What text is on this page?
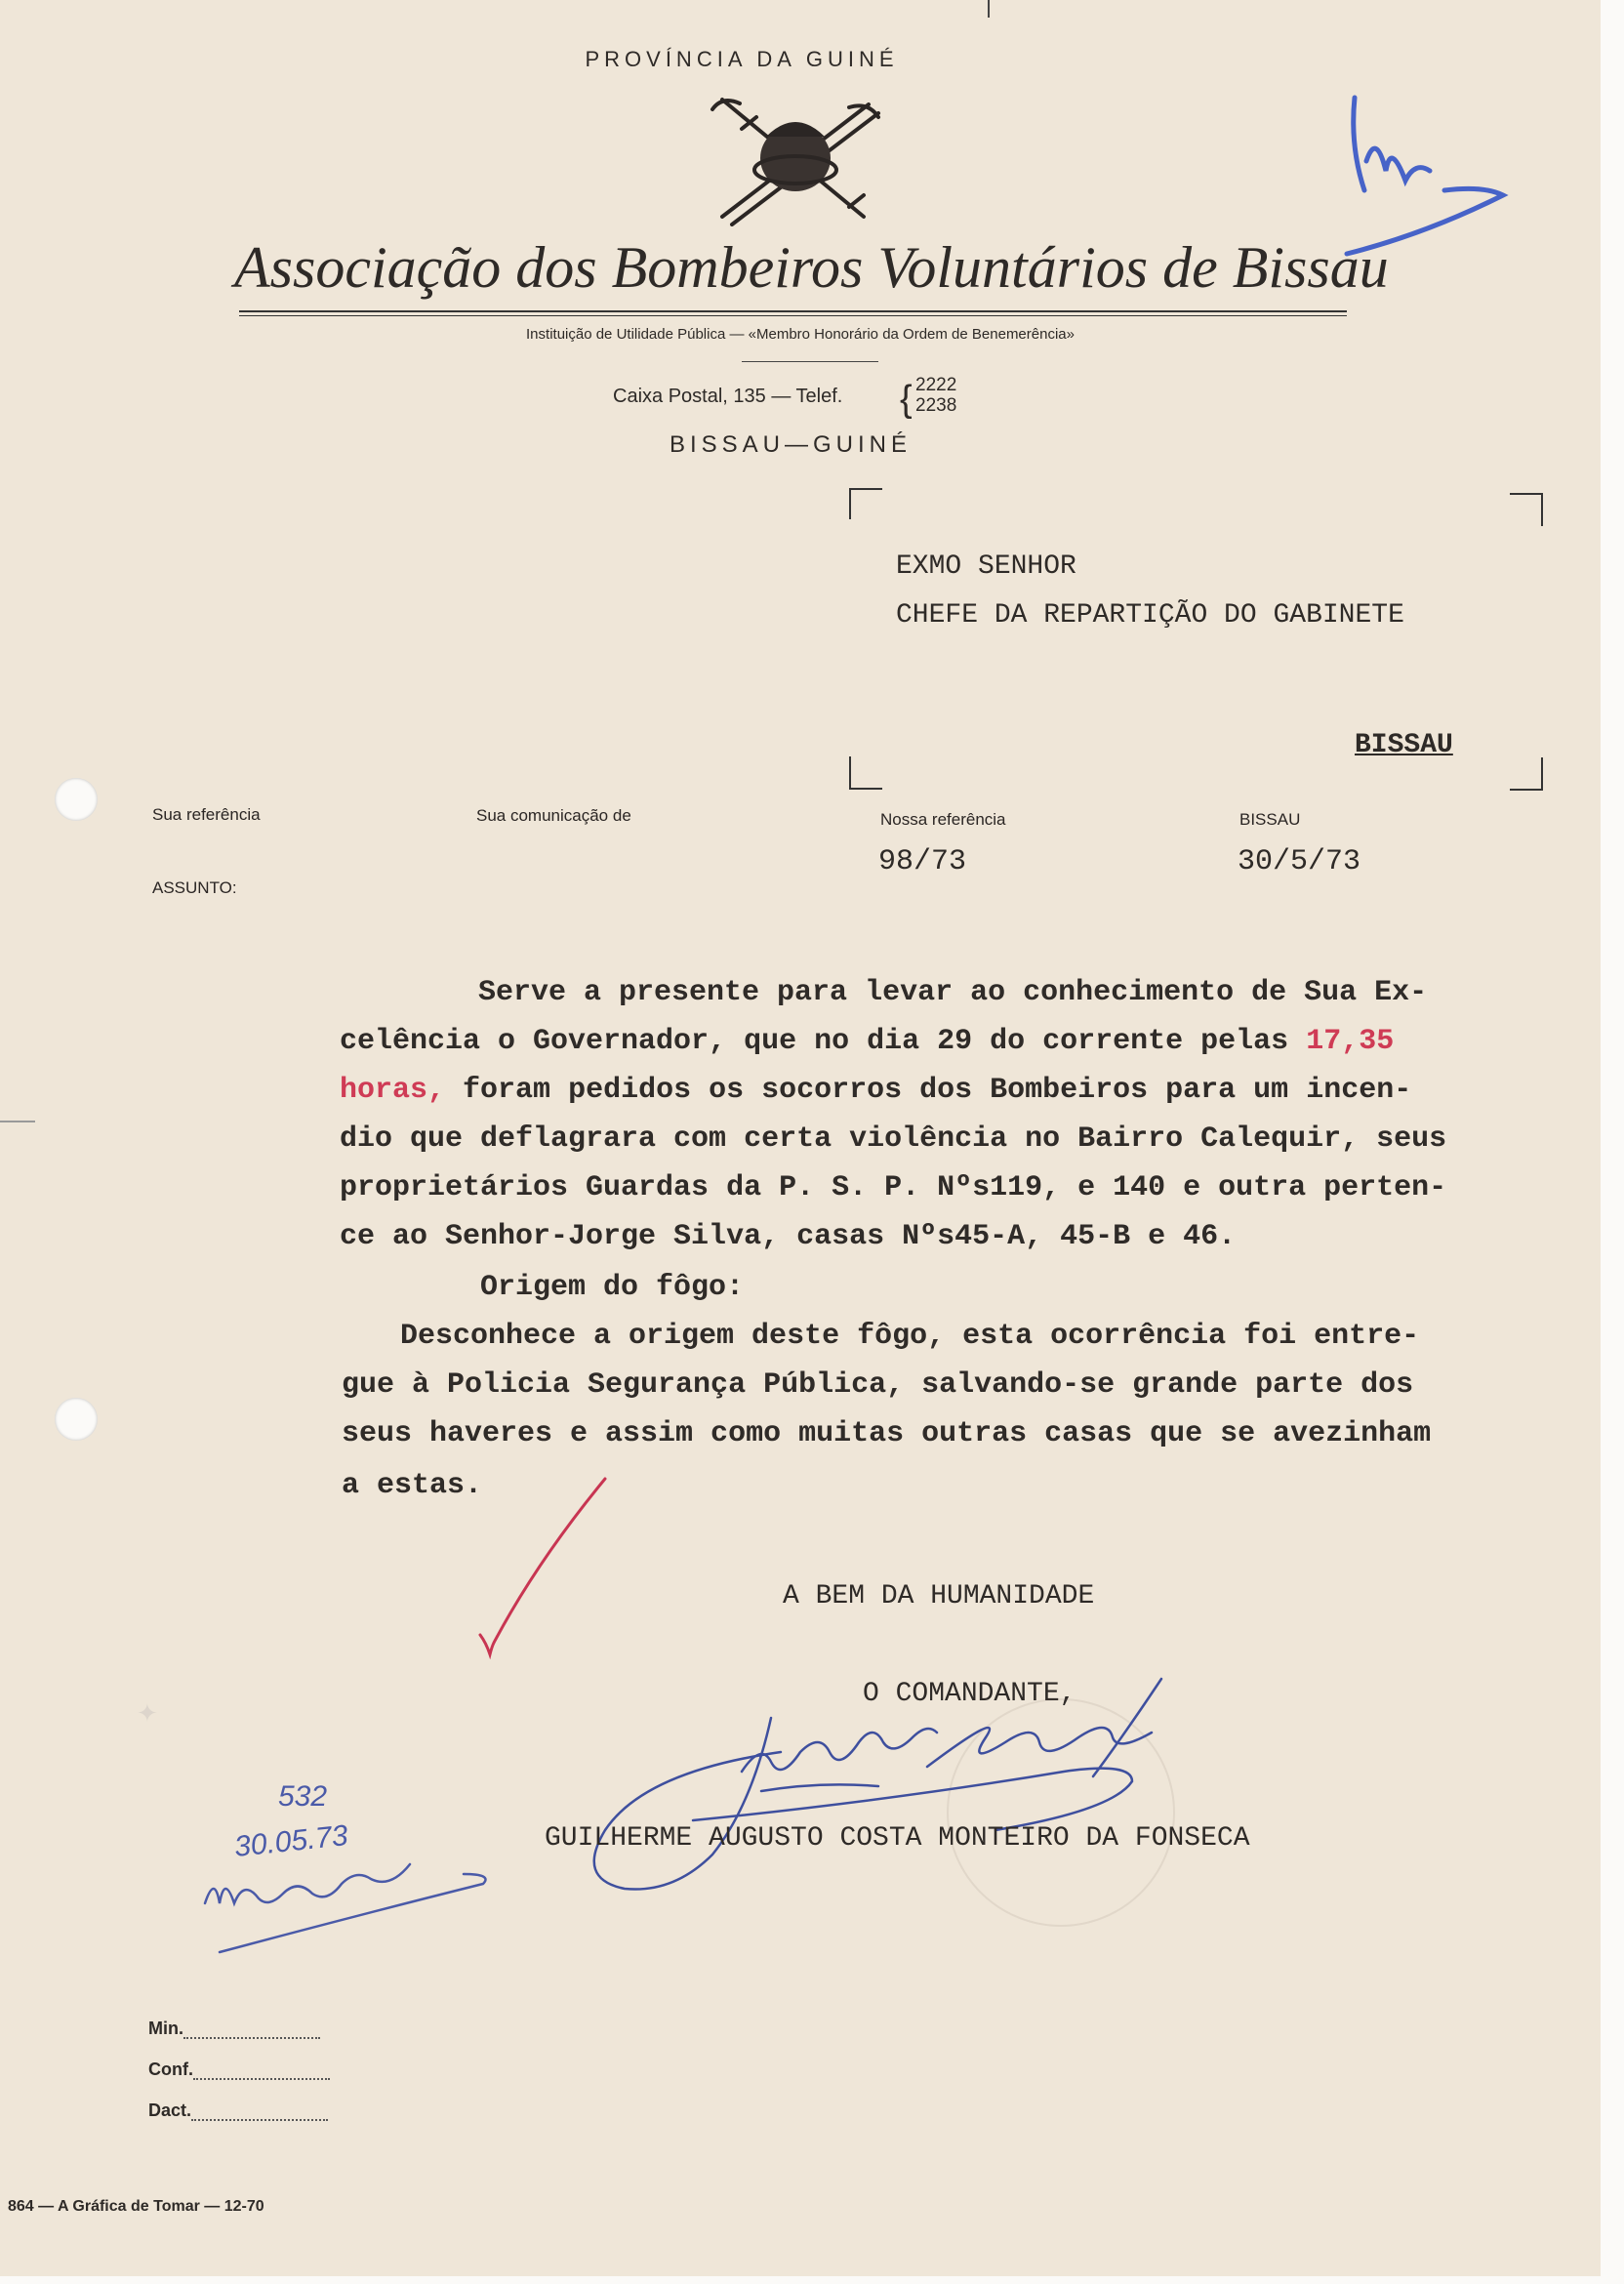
PROVÍNCIA DA GUINÉ
Associação dos Bombeiros Voluntários de Bissau
Instituição de Utilidade Pública — «Membro Honorário da Ordem de Benemerência»
Caixa Postal, 135 — Telef. { 2222
2238
BISSAU—GUINÉ
EXMO SENHOR
CHEFE DA REPARTIÇÃO DO GABINETE
BISSAU
Sua referência	Sua comunicação de	Nossa referência
98/73
BISSAU
30/5/73
ASSUNTO:
Serve a presente para levar ao conhecimento de Sua Ex-
celência o Governador, que no dia 29 do corrente pelas 17,35
horas, foram pedidos os socorros dos Bombeiros para um incen-
dio que deflagrara com certa violência no Bairro Calequir, seus
proprietários Guardas da P. S. P. Nºs119, e 140 e outra perten-
ce ao Senhor-Jorge Silva, casas Nºs45-A, 45-B e 46.
Origem do fôgo:
Desconhece a origem deste fôgo, esta ocorrência foi entre-
gue à Policia Segurança Pública, salvando-se grande parte dos
seus haveres e assim como muitas outras casas que se avezinham
a estas.
A BEM DA HUMANIDADE
O COMANDANTE,
GUILHERME AUGUSTO COSTA MONTEIRO DA FONSECA
✦
532
30.05.73
Min.
Conf.
Dact.
864 — A Gráfica de Tomar — 12-70
